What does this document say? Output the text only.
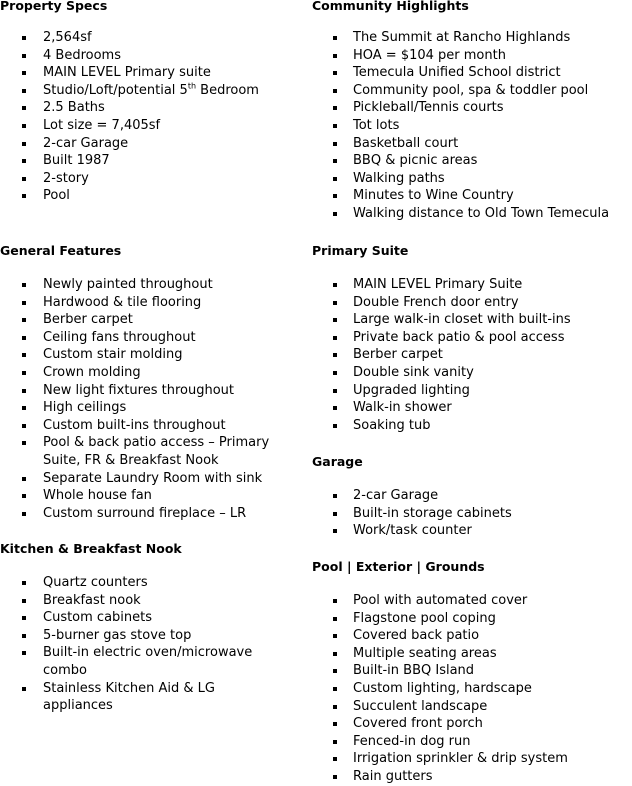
Property Specs
2,564sf
4 Bedrooms
MAIN LEVEL Primary suite
Studio/Loft/potential 5th Bedroom
2.5 Baths
Lot size = 7,405sf
2-car Garage
Built 1987
2-story
Pool
General Features
Newly painted throughout
Hardwood & tile flooring
Berber carpet
Ceiling fans throughout
Custom stair molding
Crown molding
New light fixtures throughout
High ceilings
Custom built-ins throughout
Pool & back patio access – Primary Suite, FR & Breakfast Nook
Separate Laundry Room with sink
Whole house fan
Custom surround fireplace – LR
Kitchen & Breakfast Nook
Quartz counters
Breakfast nook
Custom cabinets
5-burner gas stove top
Built-in electric oven/microwave combo
Stainless Kitchen Aid & LG appliances
Community Highlights
The Summit at Rancho Highlands
HOA = $104 per month
Temecula Unified School district
Community pool, spa & toddler pool
Pickleball/Tennis courts
Tot lots
Basketball court
BBQ & picnic areas
Walking paths
Minutes to Wine Country
Walking distance to Old Town Temecula
Primary Suite
MAIN LEVEL Primary Suite
Double French door entry
Large walk-in closet with built-ins
Private back patio & pool access
Berber carpet
Double sink vanity
Upgraded lighting
Walk-in shower
Soaking tub
Garage
2-car Garage
Built-in storage cabinets
Work/task counter
Pool | Exterior | Grounds
Pool with automated cover
Flagstone pool coping
Covered back patio
Multiple seating areas
Built-in BBQ Island
Custom lighting, hardscape
Succulent landscape
Covered front porch
Fenced-in dog run
Irrigation sprinkler & drip system
Rain gutters
